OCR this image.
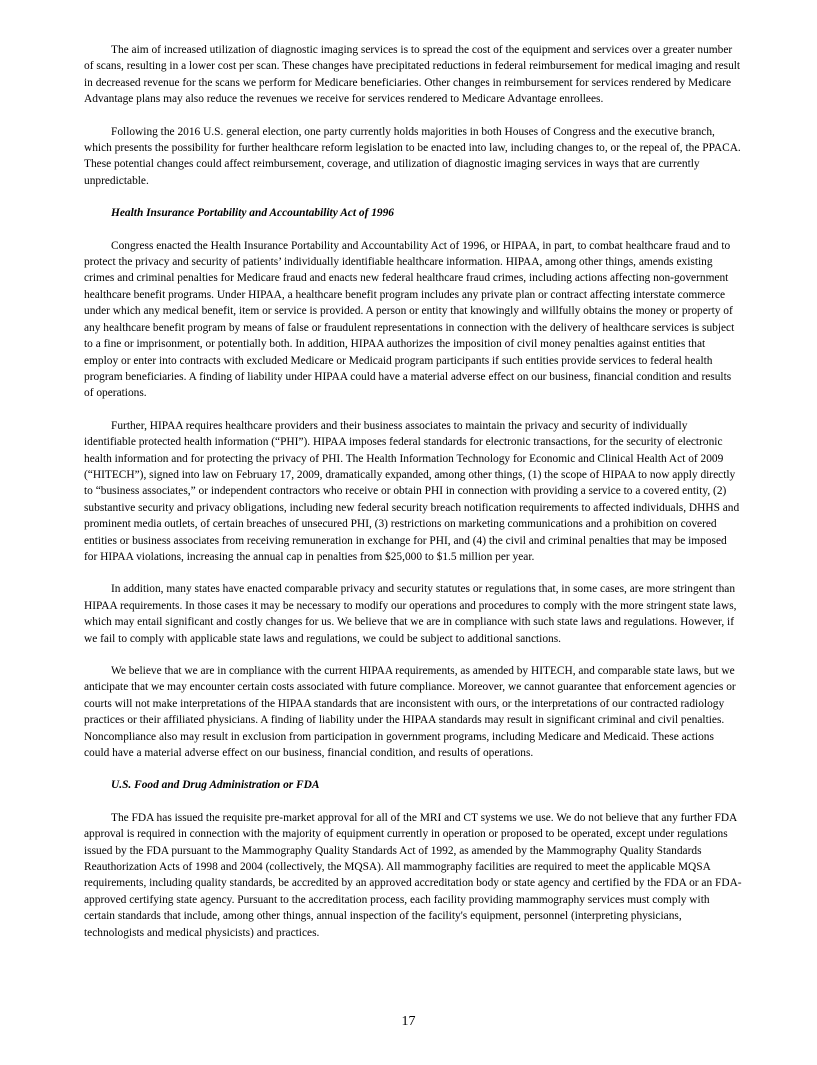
The aim of increased utilization of diagnostic imaging services is to spread the cost of the equipment and services over a greater number of scans, resulting in a lower cost per scan. These changes have precipitated reductions in federal reimbursement for medical imaging and result in decreased revenue for the scans we perform for Medicare beneficiaries. Other changes in reimbursement for services rendered by Medicare Advantage plans may also reduce the revenues we receive for services rendered to Medicare Advantage enrollees.

Following the 2016 U.S. general election, one party currently holds majorities in both Houses of Congress and the executive branch, which presents the possibility for further healthcare reform legislation to be enacted into law, including changes to, or the repeal of, the PPACA. These potential changes could affect reimbursement, coverage, and utilization of diagnostic imaging services in ways that are currently unpredictable.

Health Insurance Portability and Accountability Act of 1996

Congress enacted the Health Insurance Portability and Accountability Act of 1996, or HIPAA, in part, to combat healthcare fraud and to protect the privacy and security of patients’ individually identifiable healthcare information. HIPAA, among other things, amends existing crimes and criminal penalties for Medicare fraud and enacts new federal healthcare fraud crimes, including actions affecting non-government healthcare benefit programs. Under HIPAA, a healthcare benefit program includes any private plan or contract affecting interstate commerce under which any medical benefit, item or service is provided. A person or entity that knowingly and willfully obtains the money or property of any healthcare benefit program by means of false or fraudulent representations in connection with the delivery of healthcare services is subject to a fine or imprisonment, or potentially both. In addition, HIPAA authorizes the imposition of civil money penalties against entities that employ or enter into contracts with excluded Medicare or Medicaid program participants if such entities provide services to federal health program beneficiaries. A finding of liability under HIPAA could have a material adverse effect on our business, financial condition and results of operations.

Further, HIPAA requires healthcare providers and their business associates to maintain the privacy and security of individually identifiable protected health information (“PHI”). HIPAA imposes federal standards for electronic transactions, for the security of electronic health information and for protecting the privacy of PHI. The Health Information Technology for Economic and Clinical Health Act of 2009 (“HITECH”), signed into law on February 17, 2009, dramatically expanded, among other things, (1) the scope of HIPAA to now apply directly to “business associates,” or independent contractors who receive or obtain PHI in connection with providing a service to a covered entity, (2) substantive security and privacy obligations, including new federal security breach notification requirements to affected individuals, DHHS and prominent media outlets, of certain breaches of unsecured PHI, (3) restrictions on marketing communications and a prohibition on covered entities or business associates from receiving remuneration in exchange for PHI, and (4) the civil and criminal penalties that may be imposed for HIPAA violations, increasing the annual cap in penalties from $25,000 to $1.5 million per year.

In addition, many states have enacted comparable privacy and security statutes or regulations that, in some cases, are more stringent than HIPAA requirements. In those cases it may be necessary to modify our operations and procedures to comply with the more stringent state laws, which may entail significant and costly changes for us. We believe that we are in compliance with such state laws and regulations. However, if we fail to comply with applicable state laws and regulations, we could be subject to additional sanctions.

We believe that we are in compliance with the current HIPAA requirements, as amended by HITECH, and comparable state laws, but we anticipate that we may encounter certain costs associated with future compliance. Moreover, we cannot guarantee that enforcement agencies or courts will not make interpretations of the HIPAA standards that are inconsistent with ours, or the interpretations of our contracted radiology practices or their affiliated physicians. A finding of liability under the HIPAA standards may result in significant criminal and civil penalties. Noncompliance also may result in exclusion from participation in government programs, including Medicare and Medicaid. These actions could have a material adverse effect on our business, financial condition, and results of operations.

U.S. Food and Drug Administration or FDA

The FDA has issued the requisite pre-market approval for all of the MRI and CT systems we use. We do not believe that any further FDA approval is required in connection with the majority of equipment currently in operation or proposed to be operated, except under regulations issued by the FDA pursuant to the Mammography Quality Standards Act of 1992, as amended by the Mammography Quality Standards Reauthorization Acts of 1998 and 2004 (collectively, the MQSA). All mammography facilities are required to meet the applicable MQSA requirements, including quality standards, be accredited by an approved accreditation body or state agency and certified by the FDA or an FDA-approved certifying state agency. Pursuant to the accreditation process, each facility providing mammography services must comply with certain standards that include, among other things, annual inspection of the facility's equipment, personnel (interpreting physicians, technologists and medical physicists) and practices.

17
